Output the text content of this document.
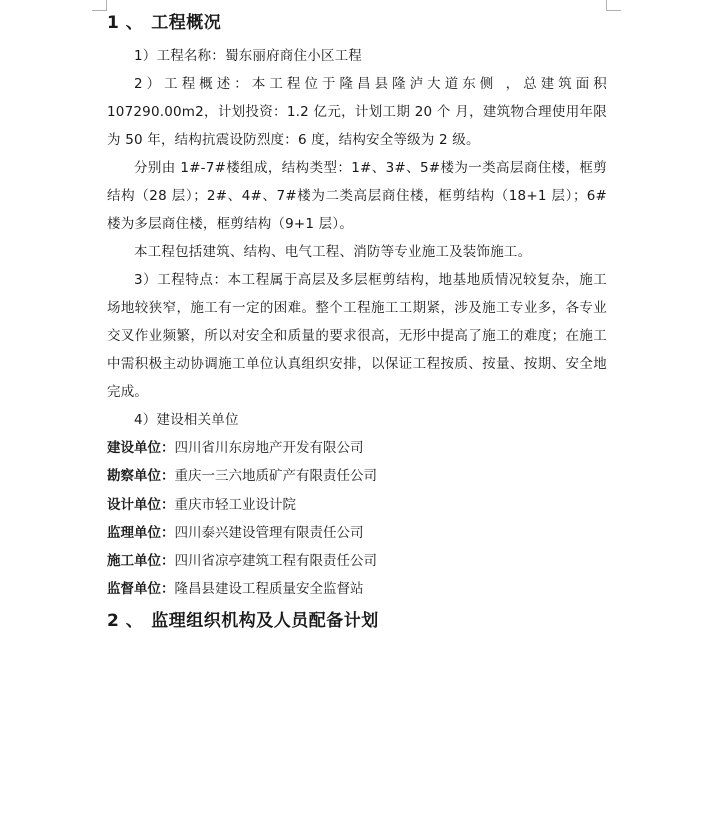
1 、 工程概况

1）工程名称：蜀东丽府商住小区工程

2）工程概述：本工程位于隆昌县隆泸大道东侧 ，总建筑面积 107290.00m2，计划投资：1.2 亿元，计划工期 20 个 月，建筑物合理使用年限为 50 年，结构抗震设防烈度：6 度，结构安全等级为 2 级。

分别由 1#-7#楼组成，结构类型：1#、3#、5#楼为一类高层商住楼，框剪结构（28 层）；2#、4#、7#楼为二类高层商住楼，框剪结构（18+1 层）；6#楼为多层商住楼，框剪结构（9+1 层）。

本工程包括建筑、结构、电气工程、消防等专业施工及装饰施工。

3）工程特点：本工程属于高层及多层框剪结构，地基地质情况较复杂，施工场地较狭窄，施工有一定的困难。整个工程施工工期紧，涉及施工专业多，各专业交叉作业频繁，所以对安全和质量的要求很高，无形中提高了施工的难度；在施工中需积极主动协调施工单位认真组织安排，以保证工程按质、按量、按期、安全地完成。

4）建设相关单位

建设单位：四川省川东房地产开发有限公司

勘察单位：重庆一三六地质矿产有限责任公司

设计单位：重庆市轻工业设计院

监理单位：四川泰兴建设管理有限责任公司

施工单位：四川省凉亭建筑工程有限责任公司

监督单位：隆昌县建设工程质量安全监督站

2 、 监理组织机构及人员配备计划
